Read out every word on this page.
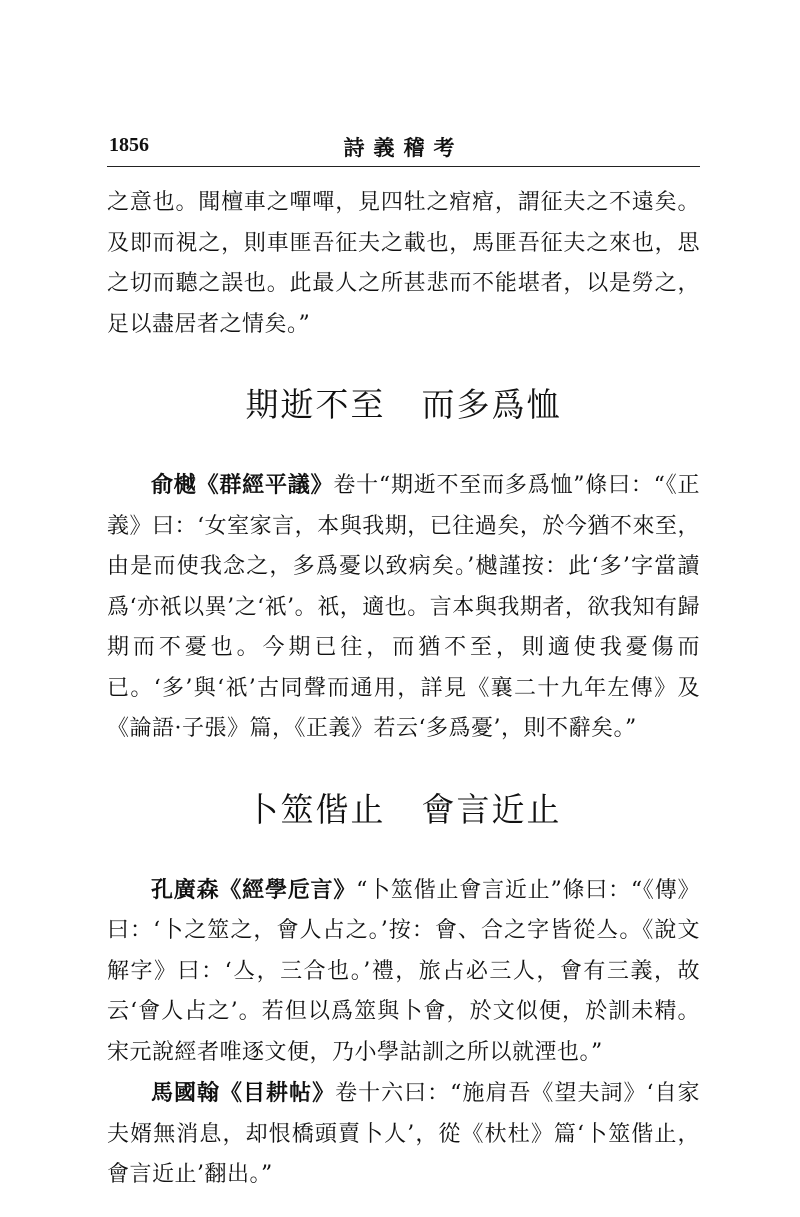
1856	詩義稽考

之意也。聞檀車之嘽嘽，見四牡之痯痯，謂征夫之不遠矣。及即而視之，則車匪吾征夫之載也，馬匪吾征夫之來也，思之切而聽之誤也。此最人之所甚悲而不能堪者，以是勞之，足以盡居者之情矣。”

期逝不至 而多爲恤

俞樾《群經平議》卷十“期逝不至而多爲恤”條曰：“《正義》曰：‘女室家言，本與我期，已往過矣，於今猶不來至，由是而使我念之，多爲憂以致病矣。’樾謹按：此‘多’字當讀爲‘亦祇以異’之‘祇’。祇，適也。言本與我期者，欲我知有歸期而不憂也。今期已往，而猶不至，則適使我憂傷而已。‘多’與‘祇’古同聲而通用，詳見《襄二十九年左傳》及《論語·子張》篇，《正義》若云‘多爲憂’，則不辭矣。”

卜筮偕止 會言近止

孔廣森《經學卮言》“卜筮偕止會言近止”條曰：“《傳》曰：‘卜之筮之，會人占之。’按：會、合之字皆從亼。《說文解字》曰：‘亼，三合也。’禮，旅占必三人，會有三義，故云‘會人占之’。若但以爲筮與卜會，於文似便，於訓未精。宋元說經者唯逐文便，乃小學詁訓之所以就湮也。”

馬國翰《目耕帖》卷十六曰：“施肩吾《望夫詞》‘自家夫婿無消息，却恨橋頭賣卜人’，從《杕杜》篇‘卜筮偕止，會言近止’翻出。”
